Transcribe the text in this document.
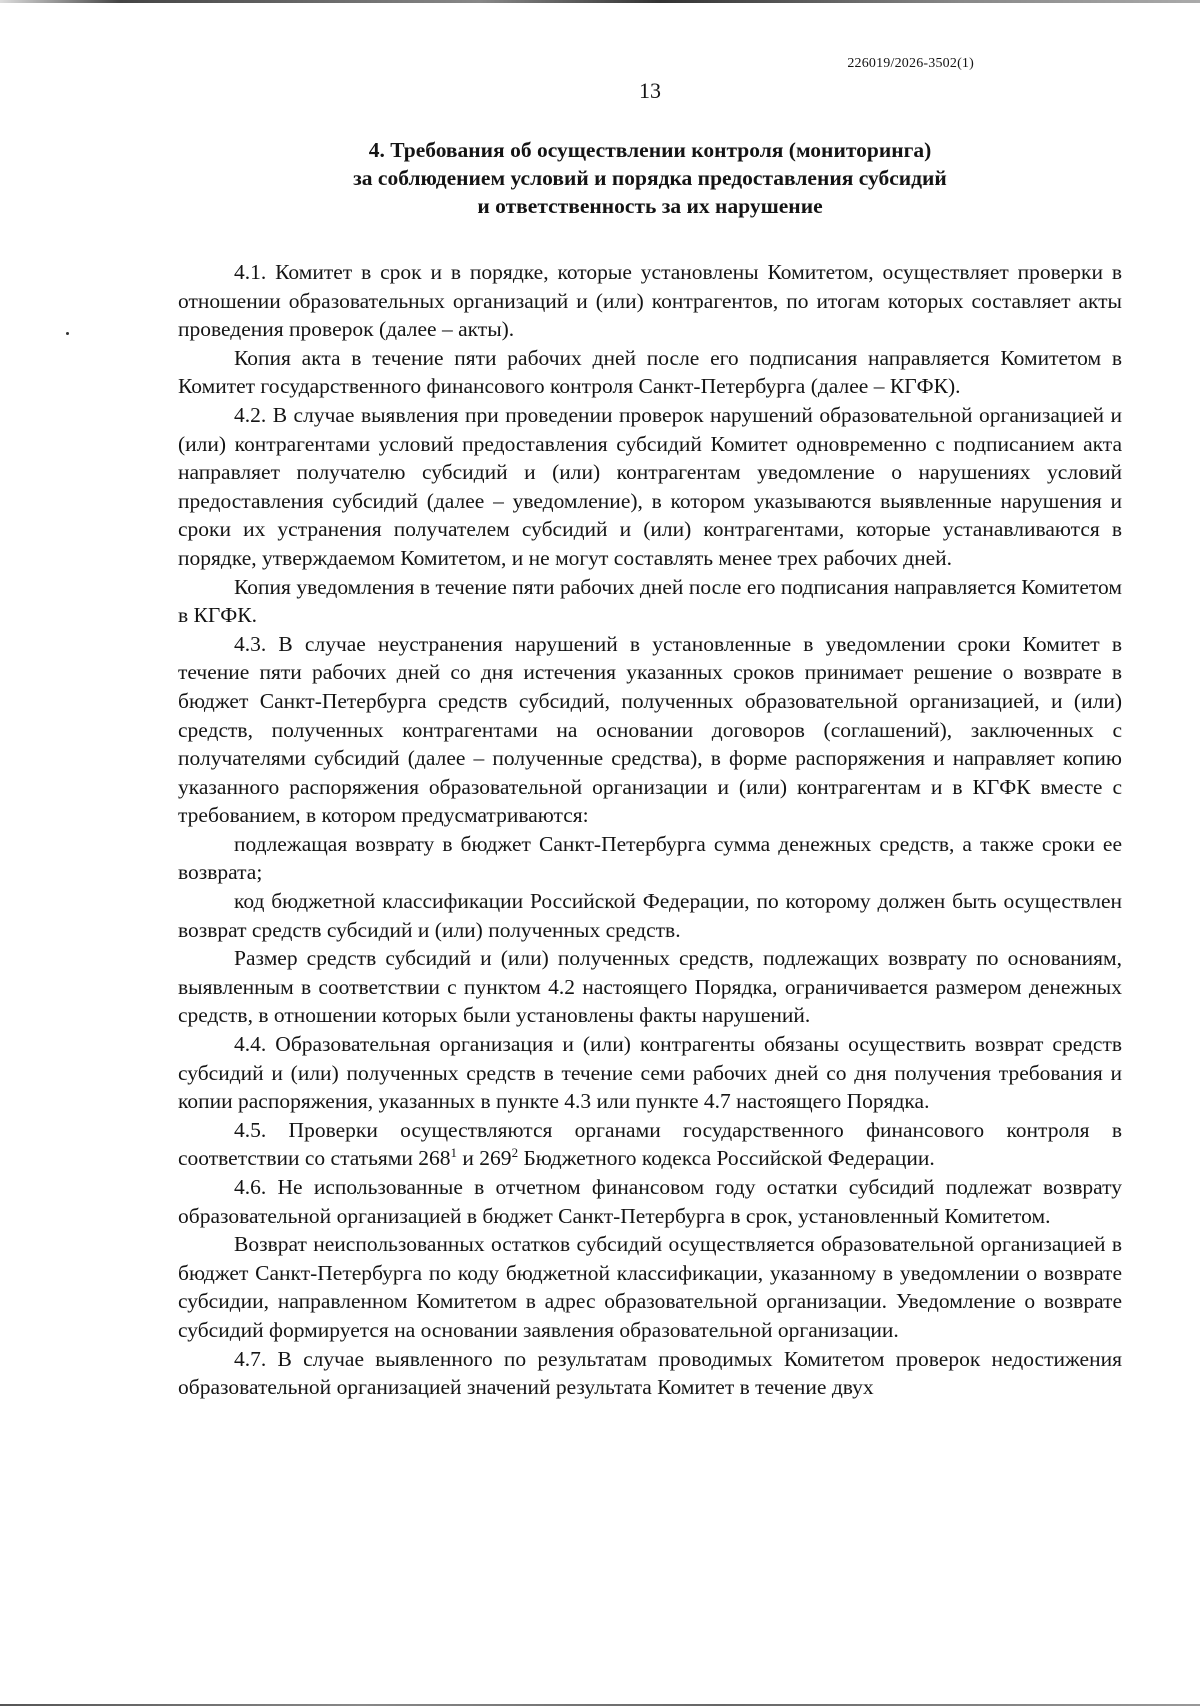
226019/2026-3502(1)
13
4. Требования об осуществлении контроля (мониторинга)
за соблюдением условий и порядка предоставления субсидий
и ответственность за их нарушение

4.1. Комитет в срок и в порядке, которые установлены Комитетом, осуществляет проверки в отношении образовательных организаций и (или) контрагентов, по итогам которых составляет акты проведения проверок (далее – акты).

Копия акта в течение пяти рабочих дней после его подписания направляется Комитетом в Комитет государственного финансового контроля Санкт-Петербурга (далее – КГФК).

4.2. В случае выявления при проведении проверок нарушений образовательной организацией и (или) контрагентами условий предоставления субсидий Комитет одновременно с подписанием акта направляет получателю субсидий и (или) контрагентам уведомление о нарушениях условий предоставления субсидий (далее – уведомление), в котором указываются выявленные нарушения и сроки их устранения получателем субсидий и (или) контрагентами, которые устанавливаются в порядке, утверждаемом Комитетом, и не могут составлять менее трех рабочих дней.

Копия уведомления в течение пяти рабочих дней после его подписания направляется Комитетом в КГФК.

4.3. В случае неустранения нарушений в установленные в уведомлении сроки Комитет в течение пяти рабочих дней со дня истечения указанных сроков принимает решение о возврате в бюджет Санкт-Петербурга средств субсидий, полученных образовательной организацией, и (или) средств, полученных контрагентами на основании договоров (соглашений), заключенных с получателями субсидий (далее – полученные средства), в форме распоряжения и направляет копию указанного распоряжения образовательной организации и (или) контрагентам и в КГФК вместе с требованием, в котором предусматриваются:

подлежащая возврату в бюджет Санкт-Петербурга сумма денежных средств, а также сроки ее возврата;

код бюджетной классификации Российской Федерации, по которому должен быть осуществлен возврат средств субсидий и (или) полученных средств.

Размер средств субсидий и (или) полученных средств, подлежащих возврату по основаниям, выявленным в соответствии с пунктом 4.2 настоящего Порядка, ограничивается размером денежных средств, в отношении которых были установлены факты нарушений.

4.4. Образовательная организация и (или) контрагенты обязаны осуществить возврат средств субсидий и (или) полученных средств в течение семи рабочих дней со дня получения требования и копии распоряжения, указанных в пункте 4.3 или пункте 4.7 настоящего Порядка.

4.5. Проверки осуществляются органами государственного финансового контроля в соответствии со статьями $268^1$ и $269^2$ Бюджетного кодекса Российской Федерации.

4.6. Не использованные в отчетном финансовом году остатки субсидий подлежат возврату образовательной организацией в бюджет Санкт-Петербурга в срок, установленный Комитетом.

Возврат неиспользованных остатков субсидий осуществляется образовательной организацией в бюджет Санкт-Петербурга по коду бюджетной классификации, указанному в уведомлении о возврате субсидии, направленном Комитетом в адрес образовательной организации. Уведомление о возврате субсидий формируется на основании заявления образовательной организации.

4.7. В случае выявленного по результатам проводимых Комитетом проверок недостижения образовательной организацией значений результата Комитет в течение двух
